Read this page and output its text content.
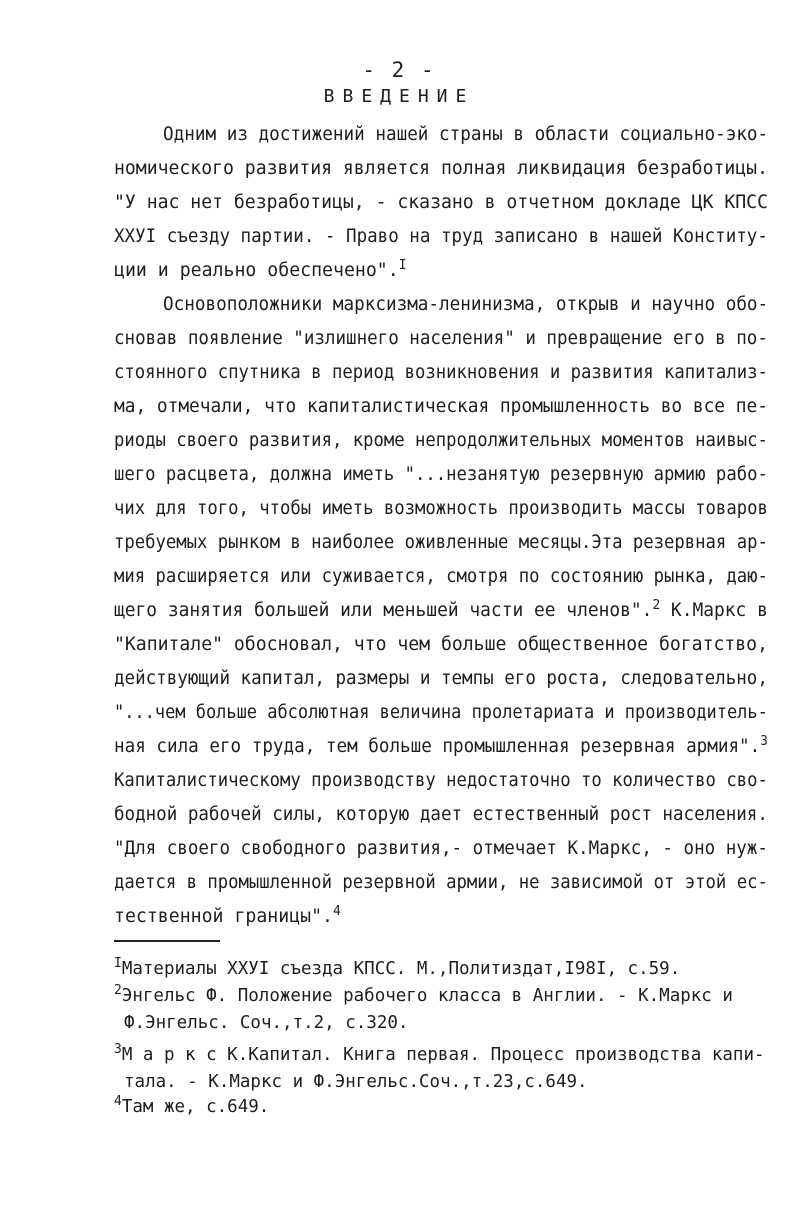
- 2 -
ВВЕДЕНИЕ
Одним из достижений нашей страны в области социально-эко-
номического развития является полная ликвидация безработицы.
"У нас нет безработицы, - сказано в отчетном докладе ЦК КПСС
XXУI съезду партии. - Право на труд записано в нашей Конститу-
ции и реально обеспечено".$^I$
Основоположники марксизма-ленинизма, открыв и научно обо-
сновав появление "излишнего населения" и превращение его в по-
стоянного спутника в период возникновения и развития капитализ-
ма, отмечали, что капиталистическая промышленность во все пе-
риоды своего развития, кроме непродолжительных моментов наивыс-
шего расцвета, должна иметь "...незанятую резервную армию рабо-
чих для того, чтобы иметь возможность производить массы товаров
требуемых рынком в наиболее оживленные месяцы.Эта резервная ар-
мия расширяется или суживается, смотря по состоянию рынка, даю-
щего занятия большей или меньшей части ее членов".$^2$ К.Маркс в
"Капитале" обосновал, что чем больше общественное богатство,
действующий капитал, размеры и темпы его роста, следовательно,
"...чем больше абсолютная величина пролетариата и производитель-
ная сила его труда, тем больше промышленная резервная армия".$^3$
Капиталистическому производству недостаточно то количество сво-
бодной рабочей силы, которую дает естественный рост населения.
"Для своего свободного развития,- отмечает К.Маркс, - оно нуж-
дается в промышленной резервной армии, не зависимой от этой ес-
тественной границы".$^4$
$^I$Материалы ХХУI съезда КПСС. М.,Политиздат,I98I, с.59.
$^2$Энгельс Ф. Положение рабочего класса в Англии. - К.Маркс и
Ф.Энгельс. Соч.,т.2, с.320.
$^3$М а р к с К.Капитал. Книга первая. Процесс производства капи-
тала. - К.Маркс и Ф.Энгельс.Соч.,т.23,с.649.
$^4$Там же, с.649.
